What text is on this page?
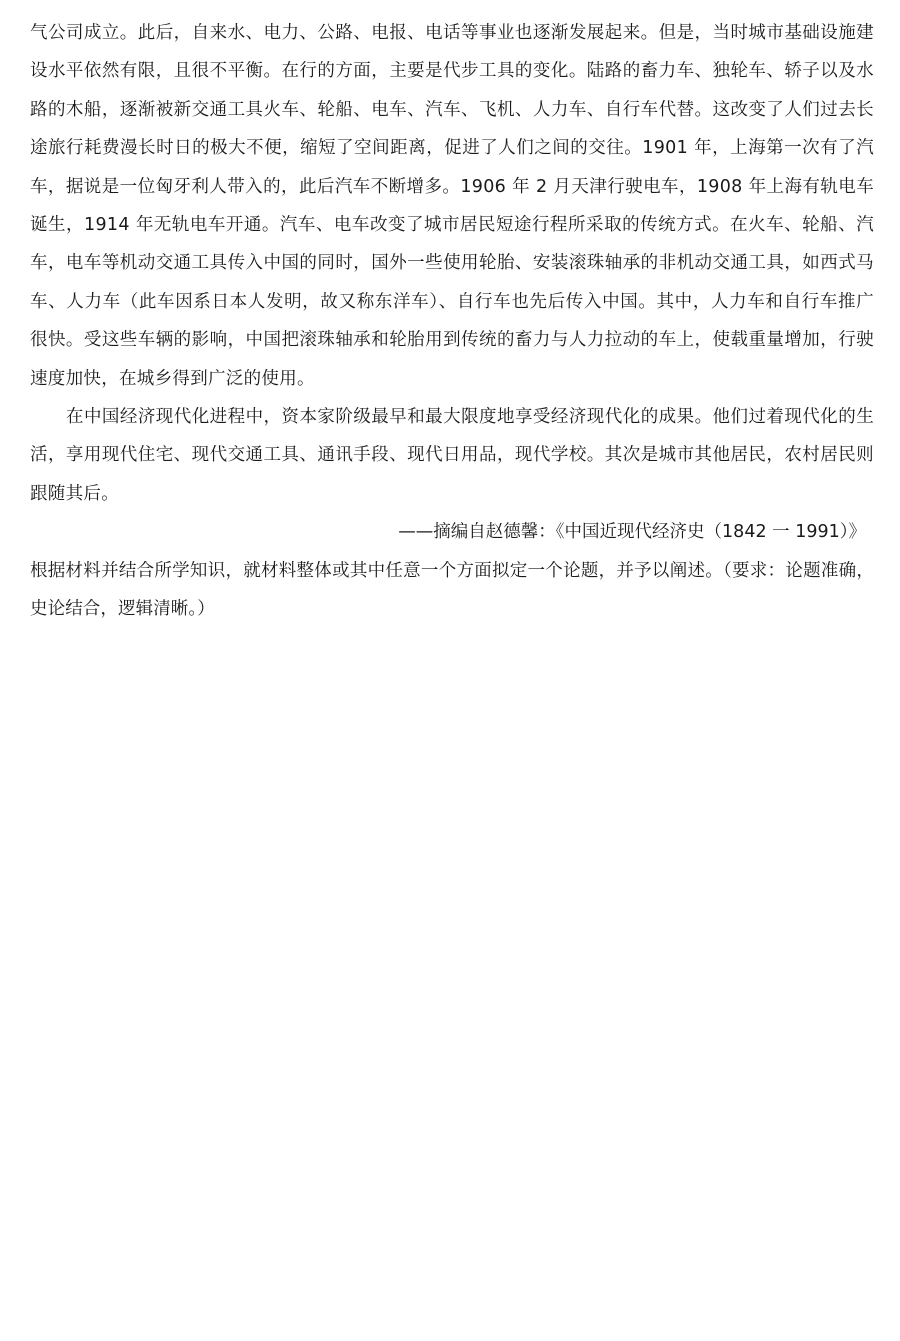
气公司成立。此后，自来水、电力、公路、电报、电话等事业也逐渐发展起来。但是，当时城市基础设施建设水平依然有限，且很不平衡。在行的方面，主要是代步工具的变化。陆路的畜力车、独轮车、轿子以及水路的木船，逐渐被新交通工具火车、轮船、电车、汽车、飞机、人力车、自行车代替。这改变了人们过去长途旅行耗费漫长时日的极大不便，缩短了空间距离，促进了人们之间的交往。1901 年，上海第一次有了汽车，据说是一位匈牙利人带入的，此后汽车不断增多。1906 年 2 月天津行驶电车，1908 年上海有轨电车诞生，1914 年无轨电车开通。汽车、电车改变了城市居民短途行程所采取的传统方式。在火车、轮船、汽车，电车等机动交通工具传入中国的同时，国外一些使用轮胎、安装滚珠轴承的非机动交通工具，如西式马车、人力车（此车因系日本人发明，故又称东洋车）、自行车也先后传入中国。其中，人力车和自行车推广很快。受这些车辆的影响，中国把滚珠轴承和轮胎用到传统的畜力与人力拉动的车上，使载重量增加，行驶速度加快，在城乡得到广泛的使用。

在中国经济现代化进程中，资本家阶级最早和最大限度地享受经济现代化的成果。他们过着现代化的生活，享用现代住宅、现代交通工具、通讯手段、现代日用品，现代学校。其次是城市其他居民，农村居民则跟随其后。

——摘编自赵德馨：《中国近现代经济史（1842 一 1991）》

根据材料并结合所学知识，就材料整体或其中任意一个方面拟定一个论题，并予以阐述。（要求：论题准确，史论结合，逻辑清晰。）
